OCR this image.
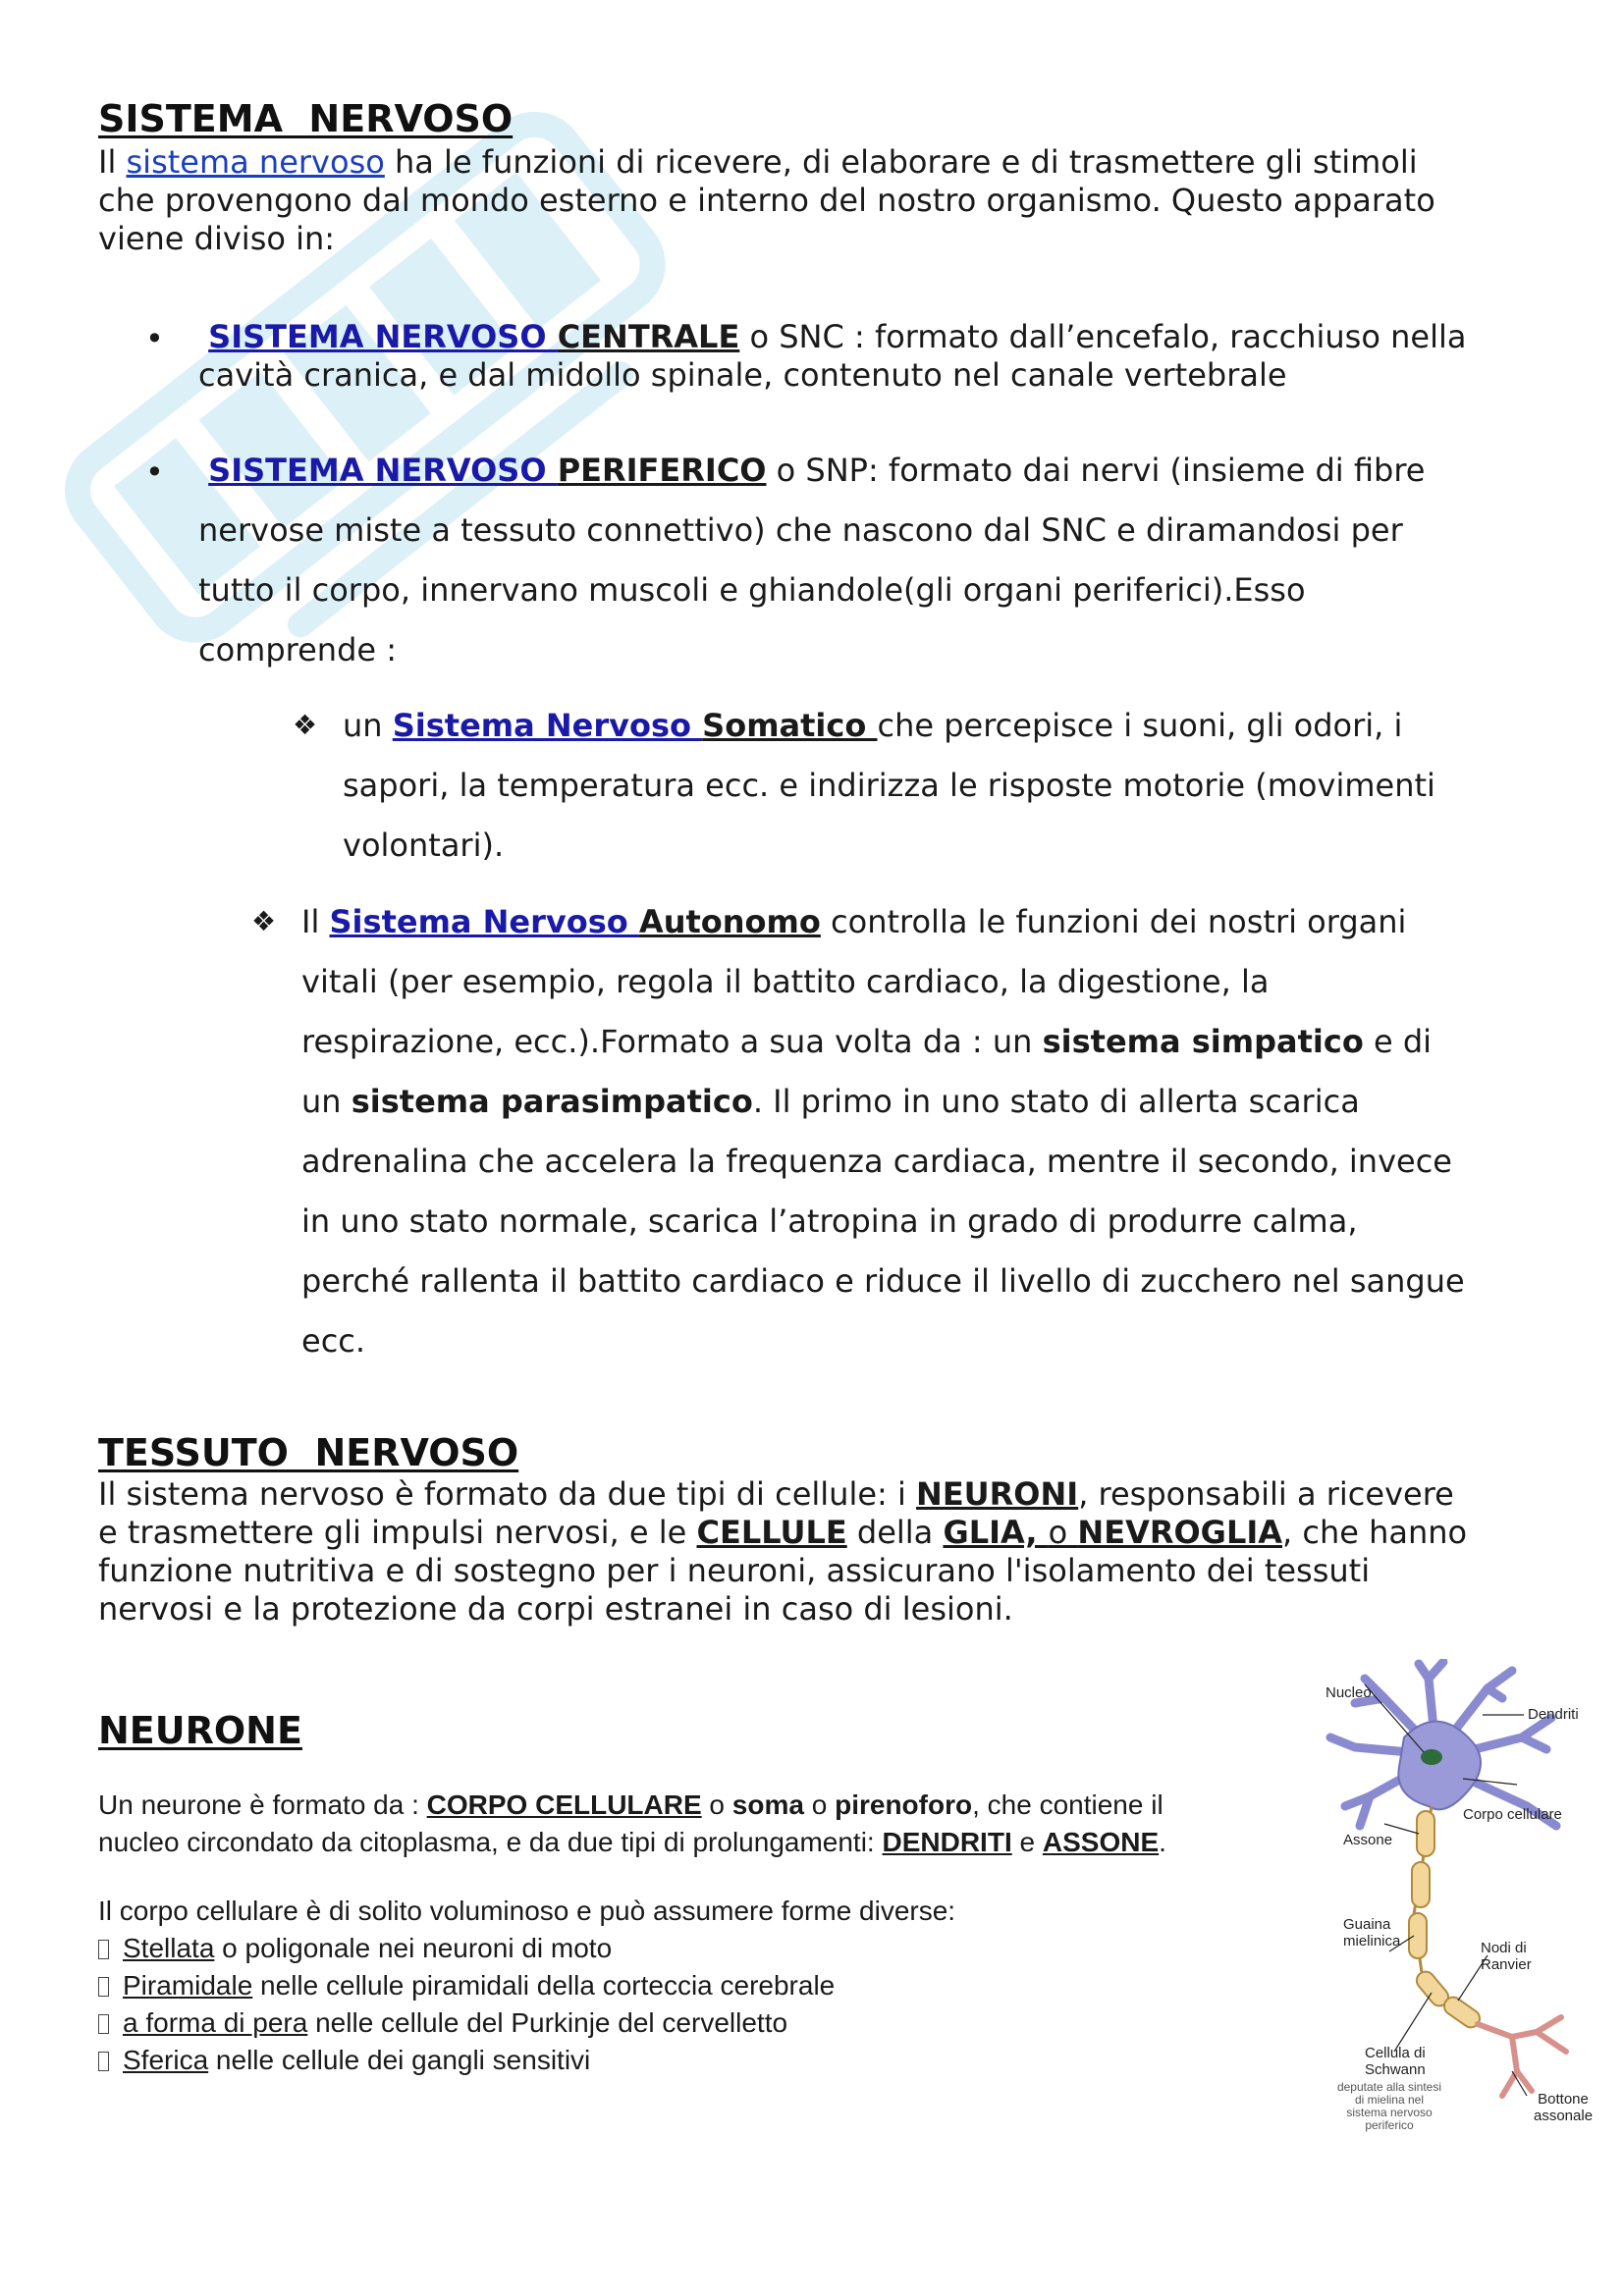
SISTEMA  NERVOSO
Il sistema nervoso ha le funzioni di ricevere, di elaborare e di trasmettere gli stimoli
che provengono dal mondo esterno e interno del nostro organismo. Questo apparato
viene diviso in:
•	SISTEMA NERVOSO CENTRALE o SNC : formato dall’encefalo, racchiuso nella
cavità cranica, e dal midollo spinale, contenuto nel canale vertebrale
•	SISTEMA NERVOSO PERIFERICO o SNP: formato dai nervi (insieme di fibre
nervose miste a tessuto connettivo) che nascono dal SNC e diramandosi per
tutto il corpo, innervano muscoli e ghiandole(gli organi periferici).Esso
comprende :
❖ un Sistema Nervoso Somatico che percepisce i suoni, gli odori, i
sapori, la temperatura ecc. e indirizza le risposte motorie (movimenti
volontari).
❖ Il Sistema Nervoso Autonomo controlla le funzioni dei nostri organi
vitali (per esempio, regola il battito cardiaco, la digestione, la
respirazione, ecc.).Formato a sua volta da : un sistema simpatico e di
un sistema parasimpatico. Il primo in uno stato di allerta scarica
adrenalina che accelera la frequenza cardiaca, mentre il secondo, invece
in uno stato normale, scarica l’atropina in grado di produrre calma,
perché rallenta il battito cardiaco e riduce il livello di zucchero nel sangue
ecc.
TESSUTO  NERVOSO
Il sistema nervoso è formato da due tipi di cellule: i NEURONI, responsabili a ricevere
e trasmettere gli impulsi nervosi, e le CELLULE della GLIA, o NEVROGLIA, che hanno
funzione nutritiva e di sostegno per i neuroni, assicurano l'isolamento dei tessuti
nervosi e la protezione da corpi estranei in caso di lesioni.
NEURONE
Un neurone è formato da : CORPO CELLULARE o soma o pirenoforo, che contiene il
nucleo circondato da citoplasma, e da due tipi di prolungamenti: DENDRITI e ASSONE.
Il corpo cellulare è di solito voluminoso e può assumere forme diverse:
Stellata o poligonale nei neuroni di moto
Piramidale nelle cellule piramidali della corteccia cerebrale
a forma di pera nelle cellule del Purkinje del cervelletto
Sferica nelle cellule dei gangli sensitivi
Nucleo
Dendriti
Corpo cellulare
Assone
Guaina
mielinica	Nodi di
Ranvier
Cellula di
Schwann
deputate alla sintesi
di mielina nel
sistema nervoso
periferico
Bottone
assonale
